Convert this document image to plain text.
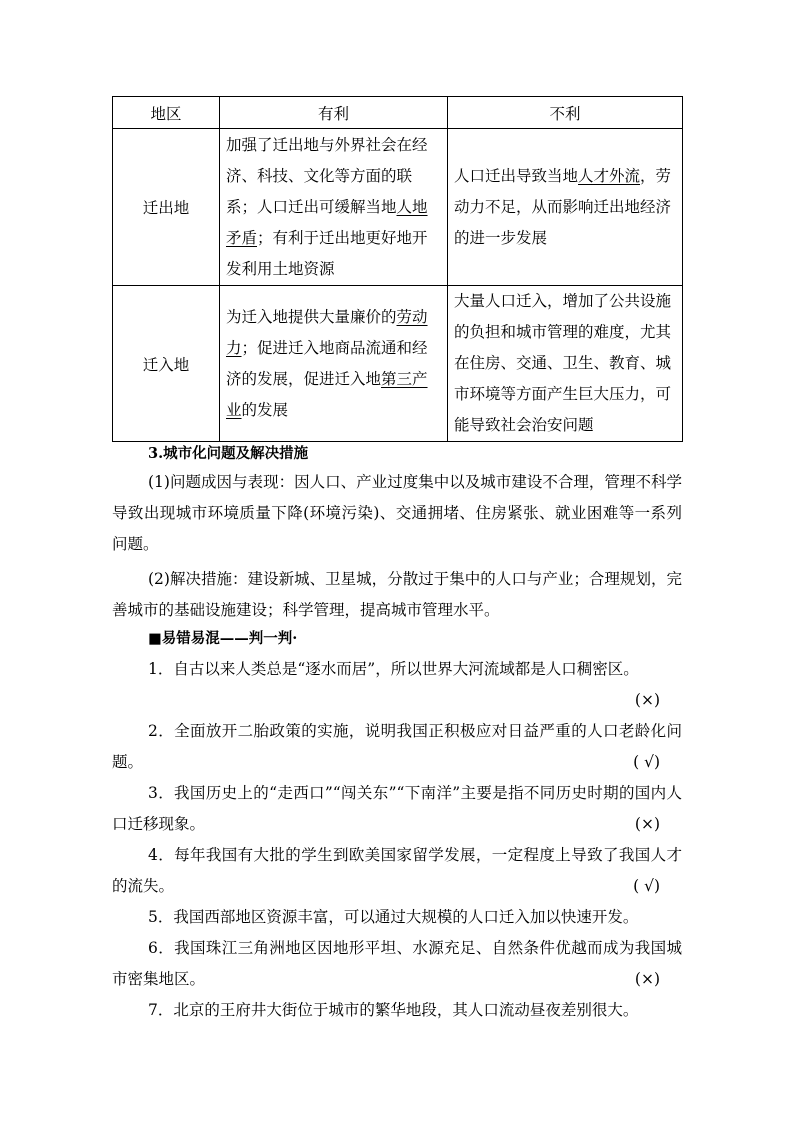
地区	有利	不利
迁出地	加强了迁出地与外界社会在经济、科技、文化等方面的联系；人口迁出可缓解当地人地矛盾；有利于迁出地更好地开发利用土地资源	人口迁出导致当地人才外流，劳动力不足，从而影响迁出地经济的进一步发展
迁入地	为迁入地提供大量廉价的劳动力；促进迁入地商品流通和经济的发展，促进迁入地第三产业的发展	大量人口迁入，增加了公共设施的负担和城市管理的难度，尤其在住房、交通、卫生、教育、城市环境等方面产生巨大压力，可能导致社会治安问题
3.城市化问题及解决措施
(1)问题成因与表现：因人口、产业过度集中以及城市建设不合理，管理不科学导致出现城市环境质量下降(环境污染)、交通拥堵、住房紧张、就业困难等一系列问题。
(2)解决措施：建设新城、卫星城，分散过于集中的人口与产业；合理规划，完善城市的基础设施建设；科学管理，提高城市管理水平。
■易错易混——判一判·
1．自古以来人类总是“逐水而居”，所以世界大河流域都是人口稠密区。
(×)
2．全面放开二胎政策的实施，说明我国正积极应对日益严重的人口老龄化问题。	( √)
3．我国历史上的“走西口”“闯关东”“下南洋”主要是指不同历史时期的国内人口迁移现象。	(×)
4．每年我国有大批的学生到欧美国家留学发展，一定程度上导致了我国人才的流失。	( √)
5．我国西部地区资源丰富，可以通过大规模的人口迁入加以快速开发。
6．我国珠江三角洲地区因地形平坦、水源充足、自然条件优越而成为我国城市密集地区。	(×)
7．北京的王府井大街位于城市的繁华地段，其人口流动昼夜差别很大。
